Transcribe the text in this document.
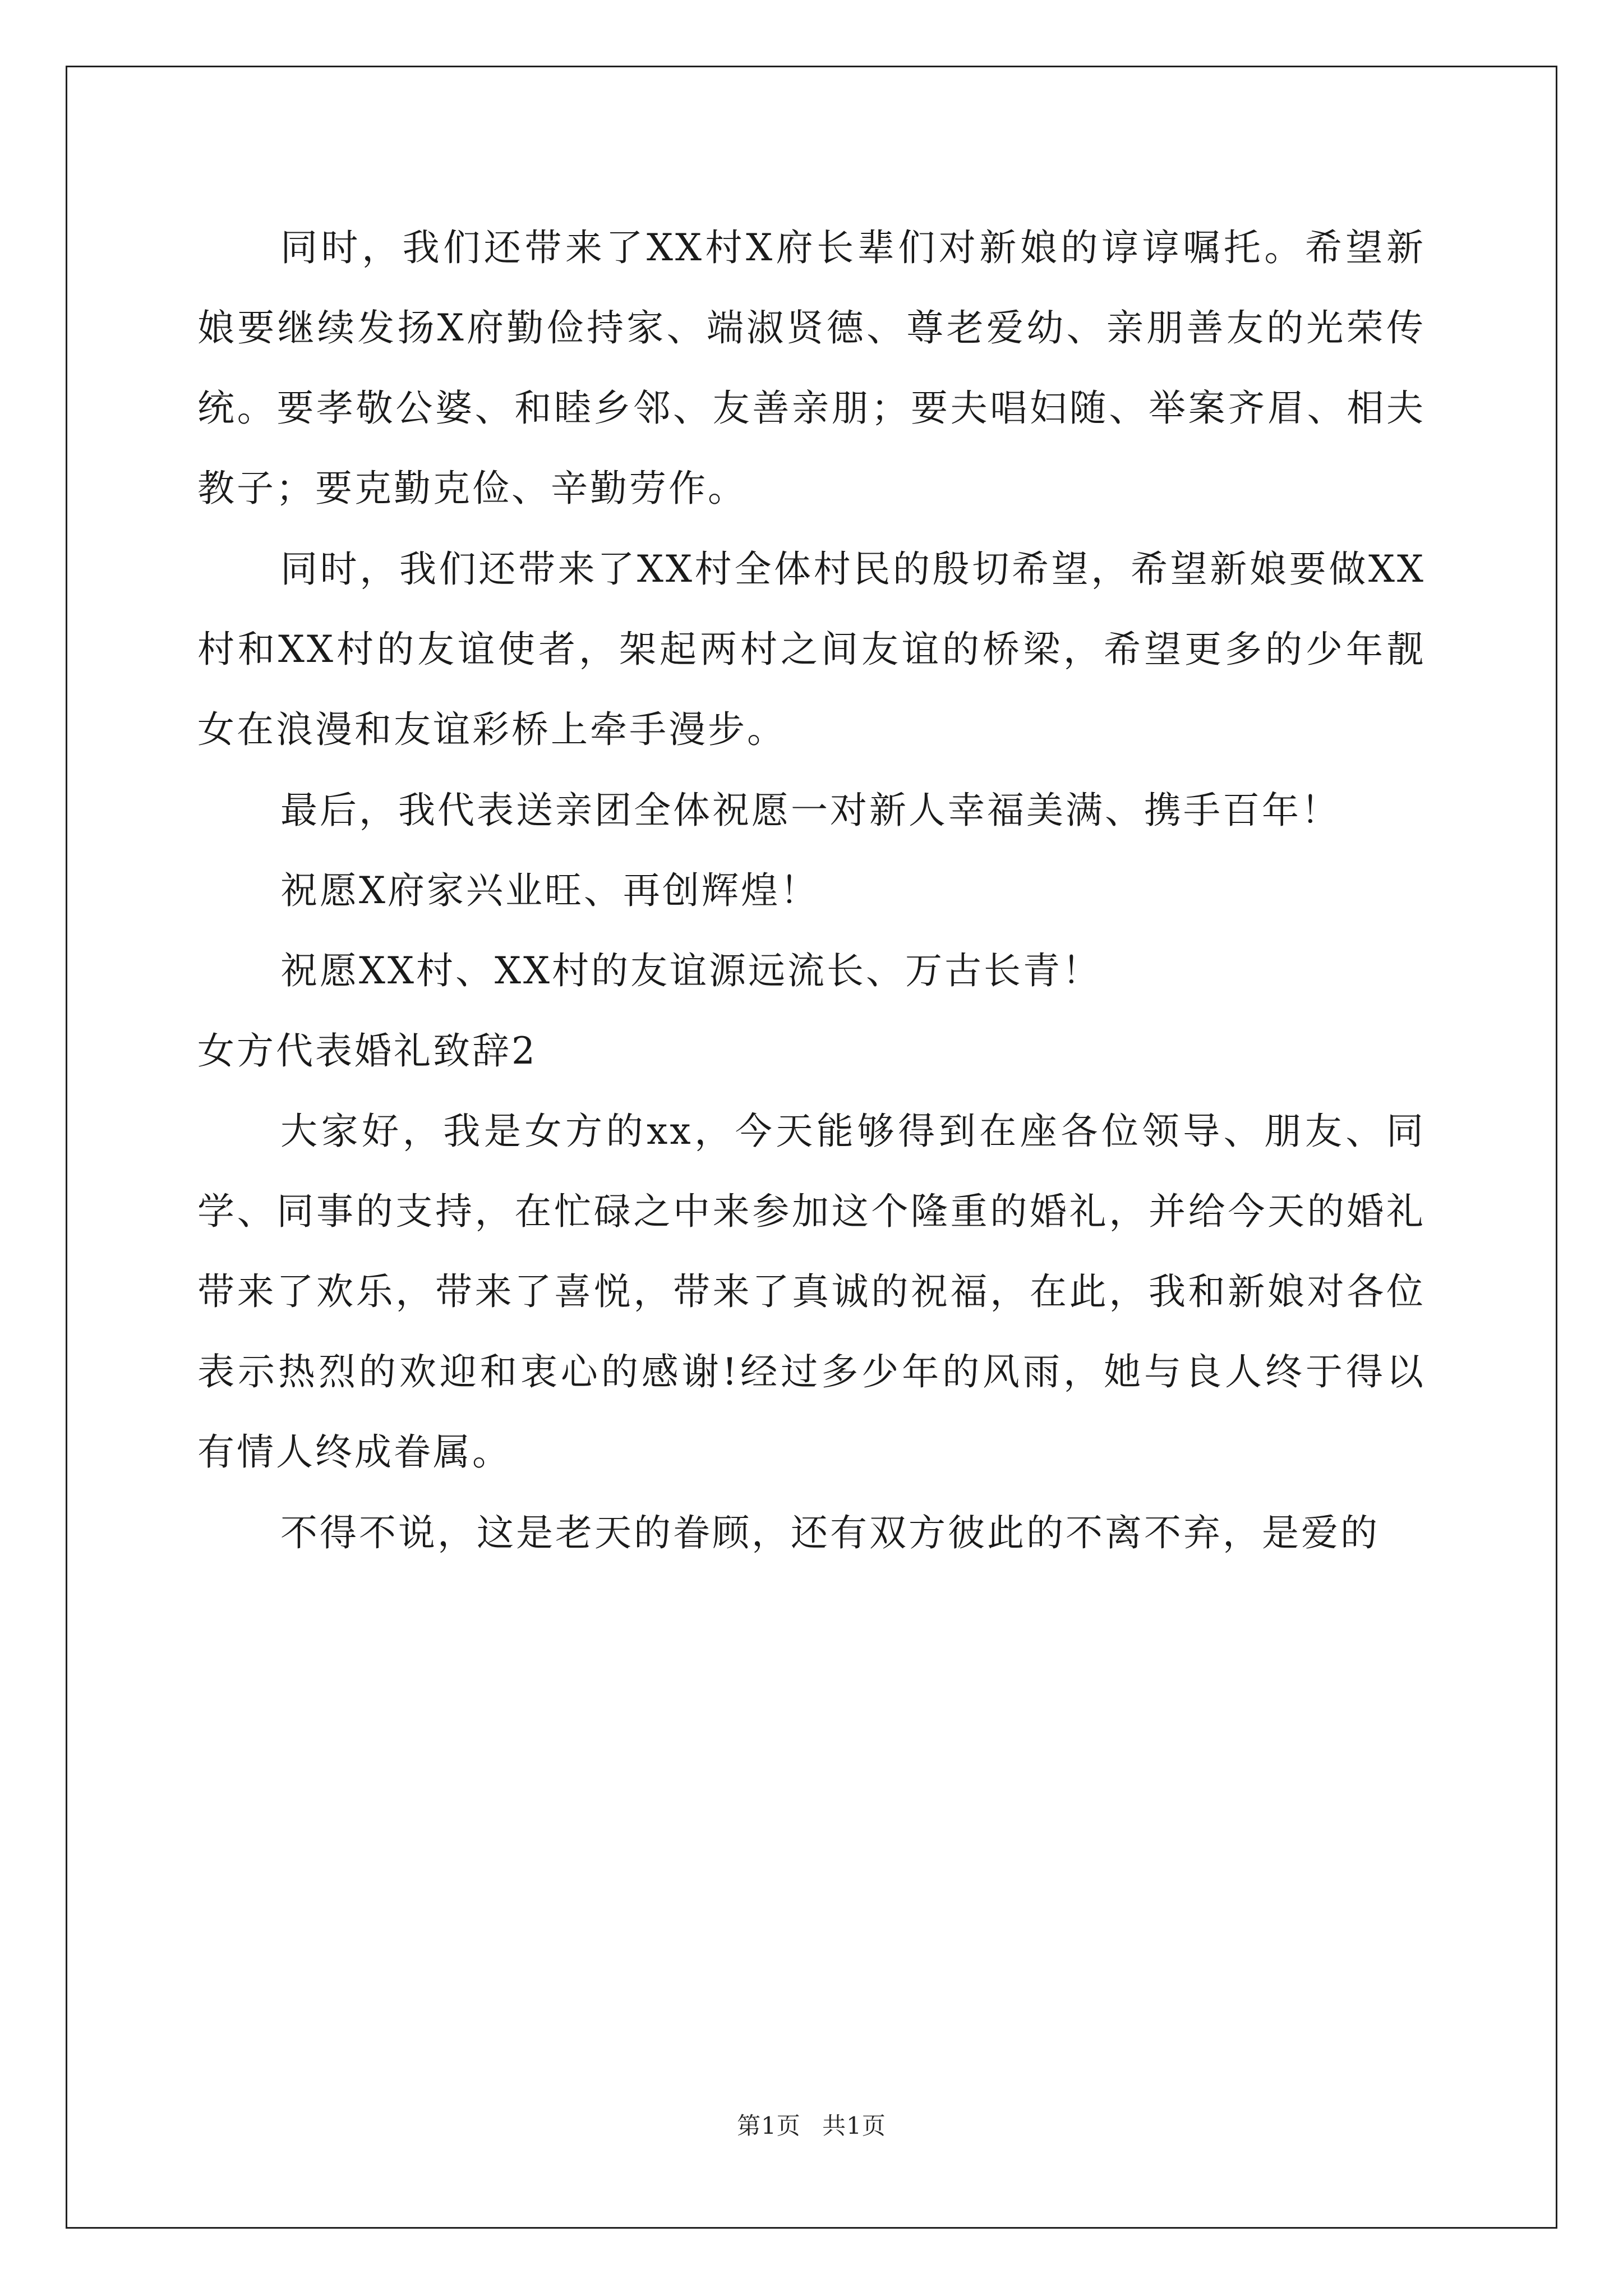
同时，我们还带来了XX村X府长辈们对新娘的谆谆嘱托。希望新娘要继续发扬X府勤俭持家、端淑贤德、尊老爱幼、亲朋善友的光荣传统。要孝敬公婆、和睦乡邻、友善亲朋；要夫唱妇随、举案齐眉、相夫教子；要克勤克俭、辛勤劳作。

同时，我们还带来了XX村全体村民的殷切希望，希望新娘要做XX村和XX村的友谊使者，架起两村之间友谊的桥梁，希望更多的少年靓女在浪漫和友谊彩桥上牵手漫步。

最后，我代表送亲团全体祝愿一对新人幸福美满、携手百年！

祝愿X府家兴业旺、再创辉煌！

祝愿XX村、XX村的友谊源远流长、万古长青！

女方代表婚礼致辞2

大家好，我是女方的xx，今天能够得到在座各位领导、朋友、同学、同事的支持，在忙碌之中来参加这个隆重的婚礼，并给今天的婚礼带来了欢乐，带来了喜悦，带来了真诚的祝福，在此，我和新娘对各位表示热烈的欢迎和衷心的感谢!经过多少年的风雨，她与良人终于得以有情人终成眷属。

不得不说，这是老天的眷顾，还有双方彼此的不离不弃，是爱的

第1页 共1页
